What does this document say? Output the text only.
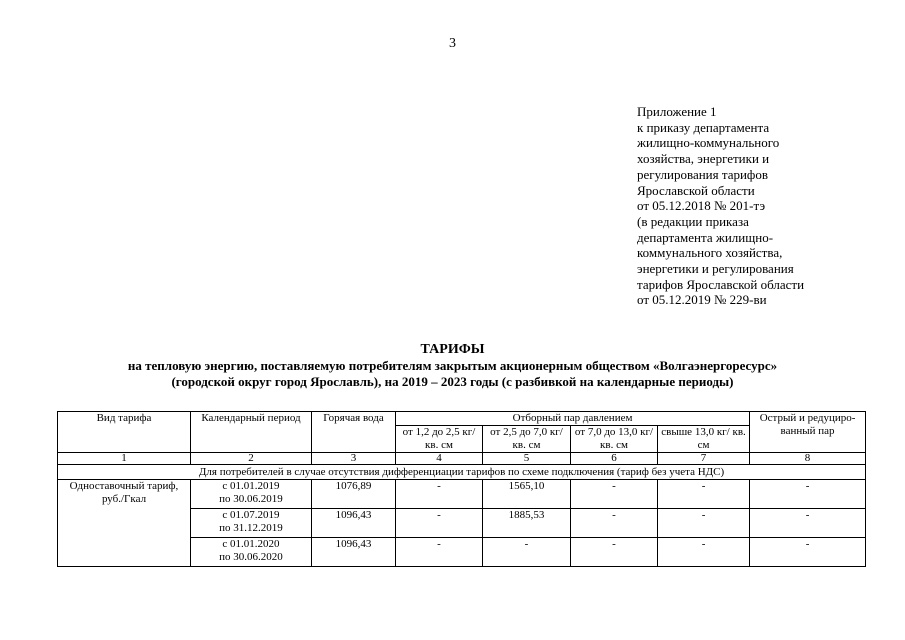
3
Приложение 1
к приказу департамента
жилищно-коммунального
хозяйства, энергетики и
регулирования тарифов
Ярославской области
от 05.12.2018 № 201-тэ
(в редакции приказа
департамента жилищно-
коммунального хозяйства,
энергетики и регулирования
тарифов Ярославской области
от 05.12.2019 № 229-ви
ТАРИФЫ
на тепловую энергию, поставляемую потребителям закрытым акционерным обществом «Волгаэнергоресурс»
(городской округ город Ярославль), на 2019 – 2023 годы (с разбивкой на календарные периоды)
Вид тарифа	Календарный период	Горячая вода	Отборный пар давлением				Острый и редуциро-ванный пар
			от 1,2 до 2,5 кг/ кв. см	от 2,5 до 7,0 кг/ кв. см	от 7,0 до 13,0 кг/ кв. см	свыше 13,0 кг/ кв. см	
1	2	3	4	5	6	7	8
Для потребителей в случае отсутствия дифференциации тарифов по схеме подключения (тариф без учета НДС)							
Одноставочный тариф, руб./Гкал	с 01.01.2019
по 30.06.2019	1076,89	-	1565,10	-	-	-

	с 01.07.2019
по 31.12.2019	1096,43	-	1885,53	-	-	-

	с 01.01.2020
по 30.06.2020	1096,43	-	-	-	-	-
